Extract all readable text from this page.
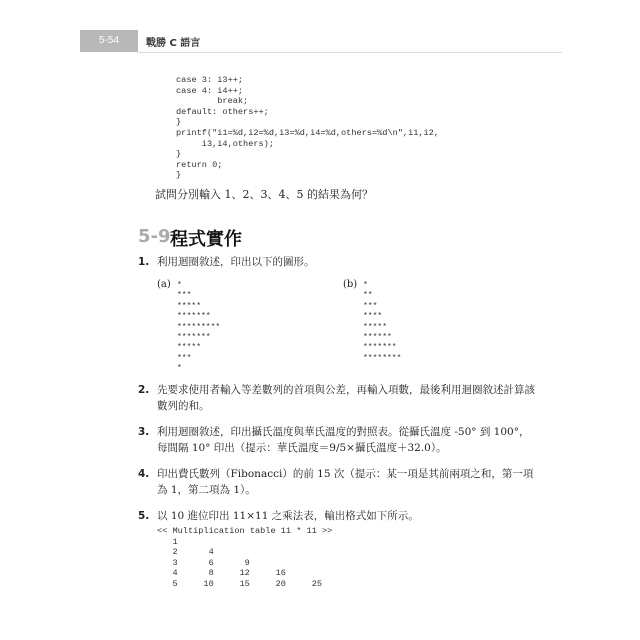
5-54	戰勝 C 語言
case 3: i3++;
case 4: i4++;
break;
default: others++;
}
printf("i1=%d,i2=%d,i3=%d,i4=%d,others=%d\n",i1,i2,
i3,i4,others);
}
return 0;
}
試問分別輸入 1、2、3、4、5 的結果為何？
5-9 程式實作
1. 利用迴圈敘述，印出以下的圖形。
(a) *
***
*****
*******
*********
*******
*****
***
*
(b) *
**
***
****
*****
******
*******
********
2. 先要求使用者輸入等差數列的首項與公差，再輸入項數，最後利用迴圈敘述計算該數列的和。
3. 利用迴圈敘述，印出攝氏溫度與華氏溫度的對照表。從攝氏溫度 -50° 到 100°，每間隔 10° 印出（提示：華氏溫度＝9/5×攝氏溫度＋32.0）。
4. 印出費氏數列（Fibonacci）的前 15 次（提示：某一項是其前兩項之和，第一項為 1，第二項為 1）。
5. 以 10 進位印出 11×11 之乘法表，輸出格式如下所示。
<< Multiplication table 11 * 11 >>
1
2      4
3      6      9
4      8     12     16
5     10     15     20     25
